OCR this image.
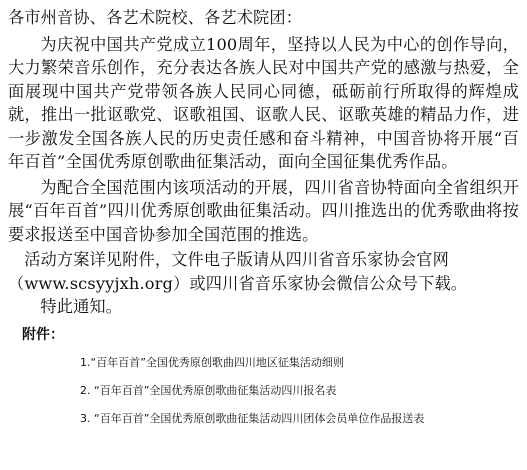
各市州音协、各艺术院校、各艺术院团：

为庆祝中国共产党成立100周年，坚持以人民为中心的创作导向，大力繁荣音乐创作，充分表达各族人民对中国共产党的感激与热爱，全面展现中国共产党带领各族人民同心同德，砥砺前行所取得的辉煌成就，推出一批讴歌党、讴歌祖国、讴歌人民、讴歌英雄的精品力作，进一步激发全国各族人民的历史责任感和奋斗精神，中国音协将开展“百年百首”全国优秀原创歌曲征集活动，面向全国征集优秀作品。

为配合全国范围内该项活动的开展，四川省音协特面向全省组织开展“百年百首”四川优秀原创歌曲征集活动。四川推选出的优秀歌曲将按要求报送至中国音协参加全国范围的推选。

活动方案详见附件，文件电子版请从四川省音乐家协会官网（www.scsyyjxh.org）或四川省音乐家协会微信公众号下载。

特此通知。

附件：
1.“百年百首”全国优秀原创歌曲四川地区征集活动细则
2. “百年百首”全国优秀原创歌曲征集活动四川报名表
3. “百年百首”全国优秀原创歌曲征集活动四川团体会员单位作品报送表
